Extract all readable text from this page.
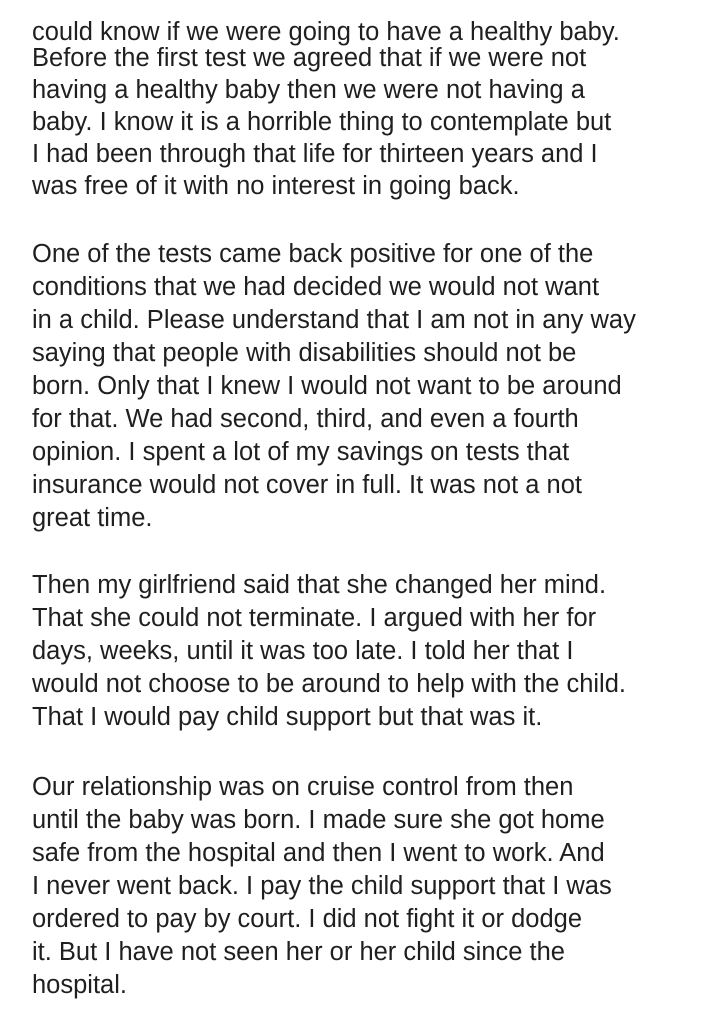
could know if we were going to have a healthy baby.
Before the first test we agreed that if we were not
having a healthy baby then we were not having a
baby. I know it is a horrible thing to contemplate but
I had been through that life for thirteen years and I
was free of it with no interest in going back.
One of the tests came back positive for one of the
conditions that we had decided we would not want
in a child. Please understand that I am not in any way
saying that people with disabilities should not be
born. Only that I knew I would not want to be around
for that. We had second, third, and even a fourth
opinion. I spent a lot of my savings on tests that
insurance would not cover in full. It was not a not
great time.
Then my girlfriend said that she changed her mind.
That she could not terminate. I argued with her for
days, weeks, until it was too late. I told her that I
would not choose to be around to help with the child.
That I would pay child support but that was it.
Our relationship was on cruise control from then
until the baby was born. I made sure she got home
safe from the hospital and then I went to work. And
I never went back. I pay the child support that I was
ordered to pay by court. I did not fight it or dodge
it. But I have not seen her or her child since the
hospital.
